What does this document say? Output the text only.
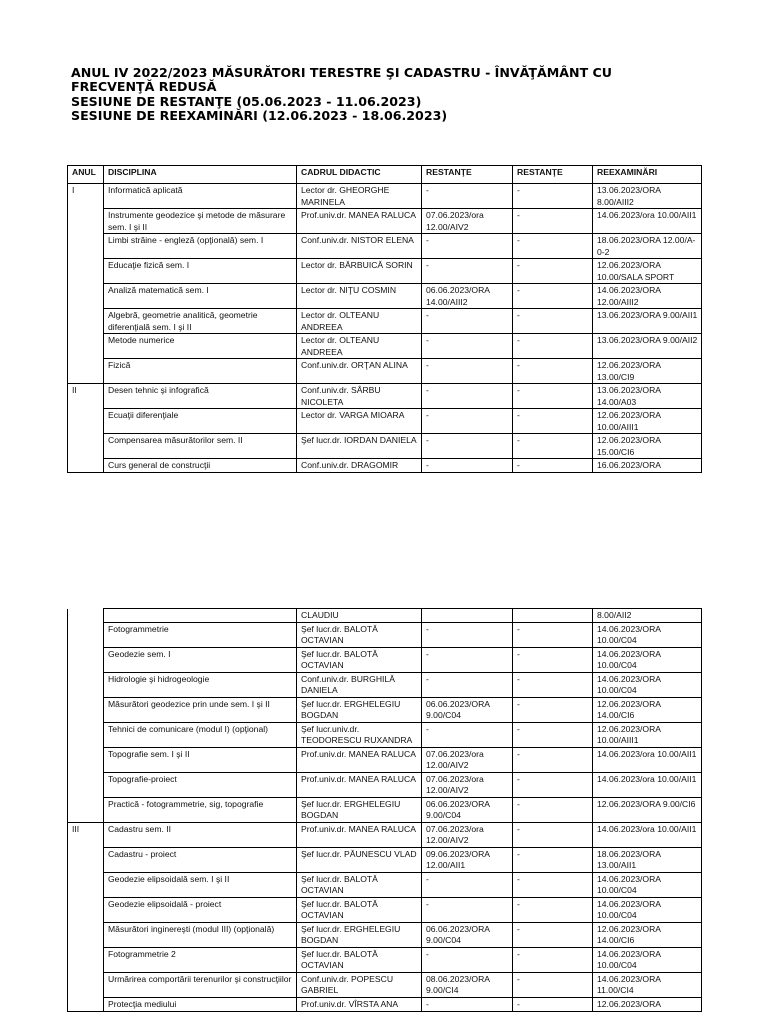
ANUL IV 2022/2023 MĂSURĂTORI TERESTRE ŞI CADASTRU - ÎNVĂŢĂMÂNT CU
FRECVENŢĂ REDUSĂ
SESIUNE DE RESTANŢE (05.06.2023 - 11.06.2023)
SESIUNE DE REEXAMINĂRI (12.06.2023 - 18.06.2023)
ANUL	DISCIPLINA	CADRUL DIDACTIC	RESTANŢE	RESTANŢE	REEXAMINĂRI
I	Informatică aplicată	Lector dr. GHEORGHE MARINELA	-	-	13.06.2023/ORA 8.00/AIII2
	Instrumente geodezice şi metode de măsurare sem. I şi II	Prof.univ.dr. MANEA RALUCA	07.06.2023/ora 12.00/AIV2	-	14.06.2023/ora 10.00/AII1
	Limbi străine - engleză (opţională) sem. I	Conf.univ.dr. NISTOR ELENA	-	-	18.06.2023/ORA 12.00/A-0-2
	Educaţie fizică sem. I	Lector dr. BĂRBUICĂ SORIN	-	-	12.06.2023/ORA 10.00/SALA SPORT
	Analiză matematică sem. I	Lector dr. NIŢU COSMIN	06.06.2023/ORA 14.00/AIII2	-	14.06.2023/ORA 12.00/AIII2
	Algebră, geometrie analitică, geometrie diferenţială sem. I şi II	Lector dr. OLTEANU ANDREEA	-	-	13.06.2023/ORA 9.00/AII1
	Metode numerice	Lector dr. OLTEANU ANDREEA	-	-	13.06.2023/ORA 9.00/AII2
	Fizică	Conf.univ.dr. ORŢAN ALINA	-	-	12.06.2023/ORA 13.00/CI9
II	Desen tehnic şi infografică	Conf.univ.dr. SÂRBU NICOLETA	-	-	13.06.2023/ORA 14.00/A03
	Ecuaţii diferenţiale	Lector dr. VARGA MIOARA	-	-	12.06.2023/ORA 10.00/AIII1
	Compensarea măsurătorilor sem. II	Şef lucr.dr. IORDAN DANIELA	-	-	12.06.2023/ORA 15.00/CI6
	Curs general de construcţii	Conf.univ.dr. DRAGOMIR	-	-	16.06.2023/ORA
		CLAUDIU			8.00/AII2
	Fotogrammetrie	Şef lucr.dr. BALOTĂ OCTAVIAN	-	-	14.06.2023/ORA 10.00/C04
	Geodezie sem. I	Şef lucr.dr. BALOTĂ OCTAVIAN	-	-	14.06.2023/ORA 10.00/C04
	Hidrologie şi hidrogeologie	Conf.univ.dr. BURGHILĂ DANIELA	-	-	14.06.2023/ORA 10.00/C04
	Măsurători geodezice prin unde sem. I şi II	Şef lucr.dr. ERGHELEGIU BOGDAN	06.06.2023/ORA 9.00/C04	-	12.06.2023/ORA 14.00/CI6
	Tehnici de comunicare (modul I) (opţional)	Şef lucr.univ.dr. TEODORESCU RUXANDRA	-	-	12.06.2023/ORA 10.00/AIII1
	Topografie sem. I şi II	Prof.univ.dr. MANEA RALUCA	07.06.2023/ora 12.00/AIV2	-	14.06.2023/ora 10.00/AII1
	Topografie-proiect	Prof.univ.dr. MANEA RALUCA	07.06.2023/ora 12.00/AIV2	-	14.06.2023/ora 10.00/AII1
	Practică - fotogrammetrie, sig, topografie	Şef lucr.dr. ERGHELEGIU BOGDAN	06.06.2023/ORA 9.00/C04	-	12.06.2023/ORA 9.00/CI6
III	Cadastru sem. II	Prof.univ.dr. MANEA RALUCA	07.06.2023/ora 12.00/AIV2	-	14.06.2023/ora 10.00/AII1
	Cadastru - proiect	Şef lucr.dr. PĂUNESCU VLAD	09.06.2023/ORA 12.00/AII1	-	18.06.2023/ORA 13.00/AII1
	Geodezie elipsoidală sem. I şi II	Şef lucr.dr. BALOTĂ OCTAVIAN	-	-	14.06.2023/ORA 10.00/C04
	Geodezie elipsoidală - proiect	Şef lucr.dr. BALOTĂ OCTAVIAN	-	-	14.06.2023/ORA 10.00/C04
	Măsurători inginereşti (modul III) (opţională)	Şef lucr.dr. ERGHELEGIU BOGDAN	06.06.2023/ORA 9.00/C04	-	12.06.2023/ORA 14.00/CI6
	Fotogrammetrie 2	Şef lucr.dr. BALOTĂ OCTAVIAN	-	-	14.06.2023/ORA 10.00/C04
	Urmărirea comportării terenurilor şi construcţiilor	Conf.univ.dr. POPESCU GABRIEL	08.06.2023/ORA 9.00/CI4	-	14.06.2023/ORA 11.00/CI4
	Protecţia mediului	Prof.univ.dr. VÎRSTA ANA	-	-	12.06.2023/ORA
